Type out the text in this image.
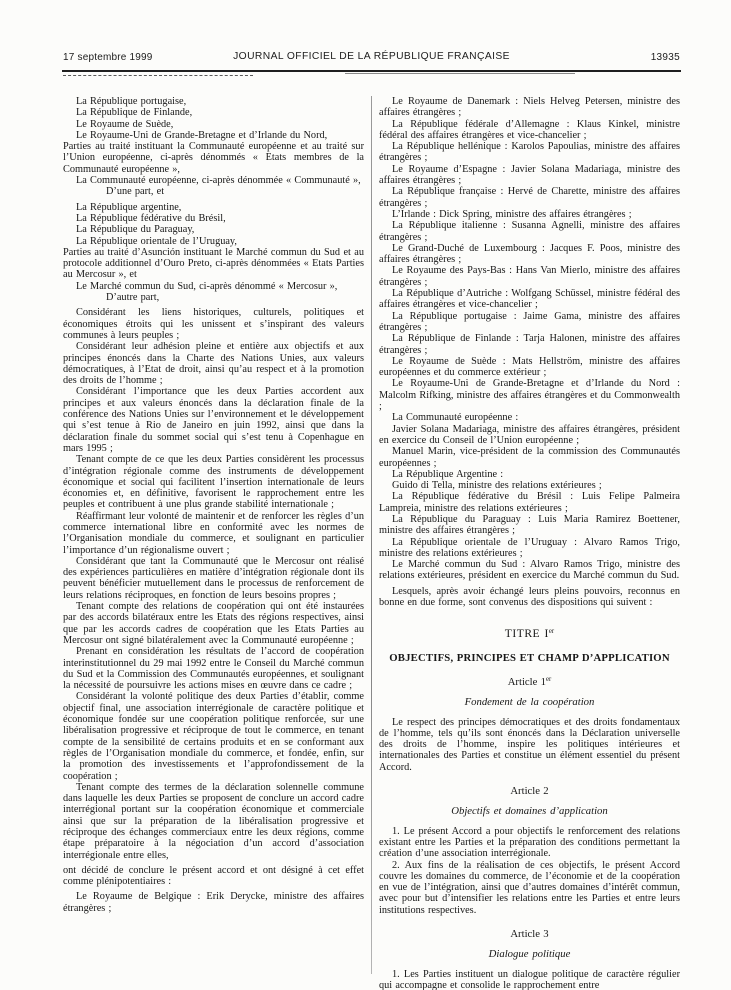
17 septembre 1999	JOURNAL OFFICIEL DE LA RÉPUBLIQUE FRANÇAISE	13935

La République portugaise,

La République de Finlande,

Le Royaume de Suède,

Le Royaume-Uni de Grande-Bretagne et d’Irlande du Nord,

Parties au traité instituant la Communauté européenne et au traité sur l’Union européenne, ci-après dénommés « Etats membres de la Communauté européenne »,

La Communauté européenne, ci-après dénommée « Communauté »,

D’une part, et

La République argentine,

La République fédérative du Brésil,

La République du Paraguay,

La République orientale de l’Uruguay,

Parties au traité d’Asunción instituant le Marché commun du Sud et au protocole additionnel d’Ouro Preto, ci-après dénommées « Etats Parties au Mercosur », et

Le Marché commun du Sud, ci-après dénommé « Mercosur »,

D’autre part,

Considérant les liens historiques, culturels, politiques et économiques étroits qui les unissent et s’inspirant des valeurs communes à leurs peuples ;

Considérant leur adhésion pleine et entière aux objectifs et aux principes énoncés dans la Charte des Nations Unies, aux valeurs démocratiques, à l’Etat de droit, ainsi qu’au respect et à la promotion des droits de l’homme ;

Considérant l’importance que les deux Parties accordent aux principes et aux valeurs énoncés dans la déclaration finale de la conférence des Nations Unies sur l’environnement et le développement qui s’est tenue à Rio de Janeiro en juin 1992, ainsi que dans la déclaration finale du sommet social qui s’est tenu à Copenhague en mars 1995 ;

Tenant compte de ce que les deux Parties considèrent les processus d’intégration régionale comme des instruments de développement économique et social qui facilitent l’insertion internationale de leurs économies et, en définitive, favorisent le rapprochement entre les peuples et contribuent à une plus grande stabilité internationale ;

Réaffirmant leur volonté de maintenir et de renforcer les règles d’un commerce international libre en conformité avec les normes de l’Organisation mondiale du commerce, et soulignant en particulier l’importance d’un régionalisme ouvert ;

Considérant que tant la Communauté que le Mercosur ont réalisé des expériences particulières en matière d’intégration régionale dont ils peuvent bénéficier mutuellement dans le processus de renforcement de leurs relations réciproques, en fonction de leurs besoins propres ;

Tenant compte des relations de coopération qui ont été instaurées par des accords bilatéraux entre les Etats des régions respectives, ainsi que par les accords cadres de coopération que les Etats Parties au Mercosur ont signé bilatéralement avec la Communauté européenne ;

Prenant en considération les résultats de l’accord de coopération interinstitutionnel du 29 mai 1992 entre le Conseil du Marché commun du Sud et la Commission des Communautés européennes, et soulignant la nécessité de poursuivre les actions mises en œuvre dans ce cadre ;

Considérant la volonté politique des deux Parties d’établir, comme objectif final, une association interrégionale de caractère politique et économique fondée sur une coopération politique renforcée, sur une libéralisation progressive et réciproque de tout le commerce, en tenant compte de la sensibilité de certains produits et en se conformant aux règles de l’Organisation mondiale du commerce, et fondée, enfin, sur la promotion des investissements et l’approfondissement de la coopération ;

Tenant compte des termes de la déclaration solennelle commune dans laquelle les deux Parties se proposent de conclure un accord cadre interrégional portant sur la coopération économique et commerciale ainsi que sur la préparation de la libéralisation progressive et réciproque des échanges commerciaux entre les deux régions, comme étape préparatoire à la négociation d’un accord d’association interrégionale entre elles,

ont décidé de conclure le présent accord et ont désigné à cet effet comme plénipotentiaires :

Le Royaume de Belgique : Erik Derycke, ministre des affaires étrangères ;

Le Royaume de Danemark : Niels Helveg Petersen, ministre des affaires étrangères ;

La République fédérale d’Allemagne : Klaus Kinkel, ministre fédéral des affaires étrangères et vice-chancelier ;

La République hellénique : Karolos Papoulias, ministre des affaires étrangères ;

Le Royaume d’Espagne : Javier Solana Madariaga, ministre des affaires étrangères ;

La République française : Hervé de Charette, ministre des affaires étrangères ;

L’Irlande : Dick Spring, ministre des affaires étrangères ;

La République italienne : Susanna Agnelli, ministre des affaires étrangères ;

Le Grand-Duché de Luxembourg : Jacques F. Poos, ministre des affaires étrangères ;

Le Royaume des Pays-Bas : Hans Van Mierlo, ministre des affaires étrangères ;

La République d’Autriche : Wolfgang Schüssel, ministre fédéral des affaires étrangères et vice-chancelier ;

La République portugaise : Jaime Gama, ministre des affaires étrangères ;

La République de Finlande : Tarja Halonen, ministre des affaires étrangères ;

Le Royaume de Suède : Mats Hellström, ministre des affaires européennes et du commerce extérieur ;

Le Royaume-Uni de Grande-Bretagne et d’Irlande du Nord : Malcolm Rifking, ministre des affaires étrangères et du Commonwealth ;

La Communauté européenne :

Javier Solana Madariaga, ministre des affaires étrangères, président en exercice du Conseil de l’Union européenne ;

Manuel Marin, vice-président de la commission des Communautés européennes ;

La République Argentine :

Guido di Tella, ministre des relations extérieures ;

La République fédérative du Brésil : Luis Felipe Palmeira Lampreia, ministre des relations extérieures ;

La République du Paraguay : Luis Maria Ramirez Boettener, ministre des affaires étrangères ;

La République orientale de l’Uruguay : Alvaro Ramos Trigo, ministre des relations extérieures ;

Le Marché commun du Sud : Alvaro Ramos Trigo, ministre des relations extérieures, président en exercice du Marché commun du Sud.

Lesquels, après avoir échangé leurs pleins pouvoirs, reconnus en bonne en due forme, sont convenus des dispositions qui suivent :

TITRE Ier

OBJECTIFS, PRINCIPES ET CHAMP D’APPLICATION

Article 1er

Fondement de la coopération

Le respect des principes démocratiques et des droits fondamentaux de l’homme, tels qu’ils sont énoncés dans la Déclaration universelle des droits de l’homme, inspire les politiques intérieures et internationales des Parties et constitue un élément essentiel du présent Accord.

Article 2

Objectifs et domaines d’application

1. Le présent Accord a pour objectifs le renforcement des relations existant entre les Parties et la préparation des conditions permettant la création d’une association interrégionale.

2. Aux fins de la réalisation de ces objectifs, le présent Accord couvre les domaines du commerce, de l’économie et de la coopération en vue de l’intégration, ainsi que d’autres domaines d’intérêt commun, avec pour but d’intensifier les relations entre les Parties et entre leurs institutions respectives.

Article 3

Dialogue politique

1. Les Parties instituent un dialogue politique de caractère régulier qui accompagne et consolide le rapprochement entre
